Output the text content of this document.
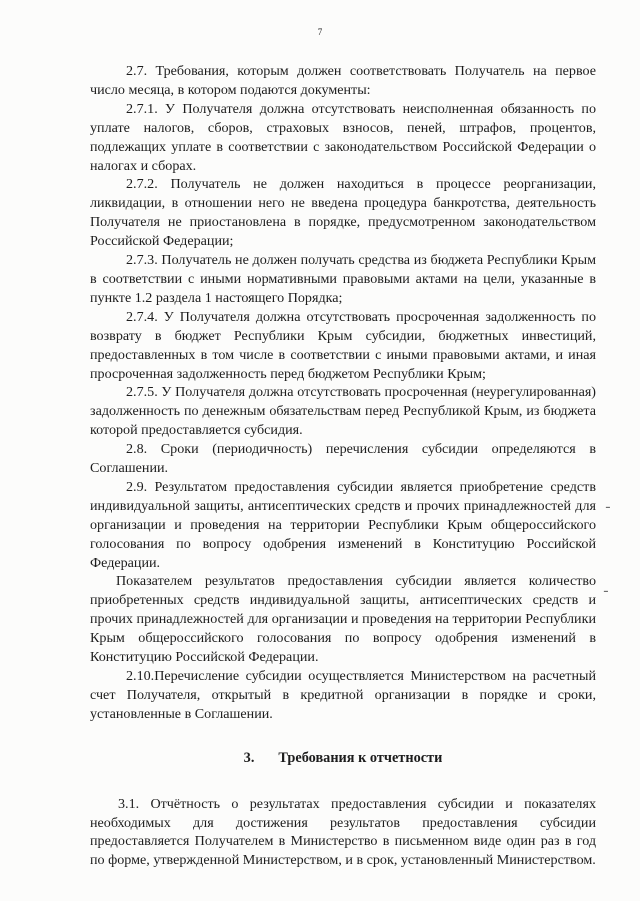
7

2.7. Требования, которым должен соответствовать Получатель на первое число месяца, в котором подаются документы:

2.7.1. У Получателя должна отсутствовать неисполненная обязанность по уплате налогов, сборов, страховых взносов, пеней, штрафов, процентов, подлежащих уплате в соответствии с законодательством Российской Федерации о налогах и сборах.

2.7.2. Получатель не должен находиться в процессе реорганизации, ликвидации, в отношении него не введена процедура банкротства, деятельность Получателя не приостановлена в порядке, предусмотренном законодательством Российской Федерации;

2.7.3. Получатель не должен получать средства из бюджета Республики Крым в соответствии с иными нормативными правовыми актами на цели, указанные в пункте 1.2 раздела 1 настоящего Порядка;

2.7.4. У Получателя должна отсутствовать просроченная задолженность по возврату в бюджет Республики Крым субсидии, бюджетных инвестиций, предоставленных в том числе в соответствии с иными правовыми актами, и иная просроченная задолженность перед бюджетом Республики Крым;

2.7.5. У Получателя должна отсутствовать просроченная (неурегулированная) задолженность по денежным обязательствам перед Республикой Крым, из бюджета которой предоставляется субсидия.

2.8. Сроки (периодичность) перечисления субсидии определяются в Соглашении.

2.9. Результатом предоставления субсидии является приобретение средств индивидуальной защиты, антисептических средств и прочих принадлежностей для организации и проведения на территории Республики Крым общероссийского голосования по вопросу одобрения изменений в Конституцию Российской Федерации.

Показателем результатов предоставления субсидии является количество приобретенных средств индивидуальной защиты, антисептических средств и прочих принадлежностей для организации и проведения на территории Республики Крым общероссийского голосования по вопросу одобрения изменений в Конституцию Российской Федерации.

2.10.Перечисление субсидии осуществляется Министерством на расчетный счет Получателя, открытый в кредитной организации в порядке и сроки, установленные в Соглашении.

3. Требования к отчетности

3.1. Отчётность о результатах предоставления субсидии и показателях необходимых для достижения результатов предоставления субсидии предоставляется Получателем в Министерство в письменном виде один раз в год по форме, утвержденной Министерством, и в срок, установленный Министерством.

ـ
ـ
